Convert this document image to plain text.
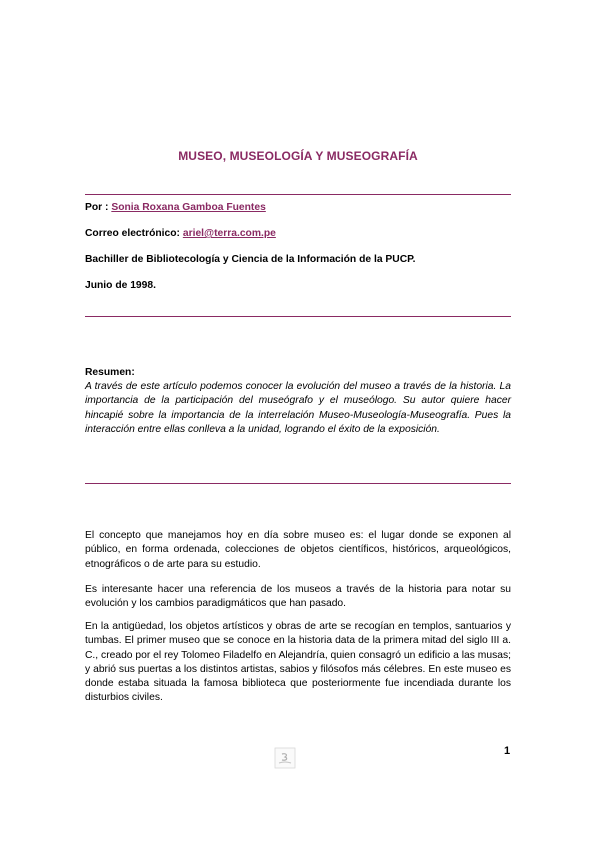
MUSEO, MUSEOLOGÍA Y MUSEOGRAFÍA
Por : Sonia Roxana Gamboa Fuentes
Correo electrónico: ariel@terra.com.pe
Bachiller de Bibliotecología y Ciencia de la Información de la PUCP.
Junio de 1998.
Resumen:
A través de este artículo podemos conocer la evolución del museo a través de la historia. La importancia de la participación del museógrafo y el museólogo. Su autor quiere hacer hincapié sobre la importancia de la interrelación Museo-Museología-Museografía. Pues la interacción entre ellas conlleva a la unidad, logrando el éxito de la exposición.
El concepto que manejamos hoy en día sobre museo es: el lugar donde se exponen al público, en forma ordenada, colecciones de objetos científicos, históricos, arqueológicos, etnográficos o de arte para su estudio.
Es interesante hacer una referencia de los museos a través de la historia para notar su evolución y los cambios paradigmáticos que han pasado.
En la antigüedad, los objetos artísticos y obras de arte se recogían en templos, santuarios y tumbas. El primer museo que se conoce en la historia data de la primera mitad del siglo III a. C., creado por el rey Tolomeo Filadelfo en Alejandría, quien consagró un edificio a las musas; y abrió sus puertas a los distintos artistas, sabios y filósofos más célebres. En este museo es donde estaba situada la famosa biblioteca que posteriormente fue incendiada durante los disturbios civiles.
1
